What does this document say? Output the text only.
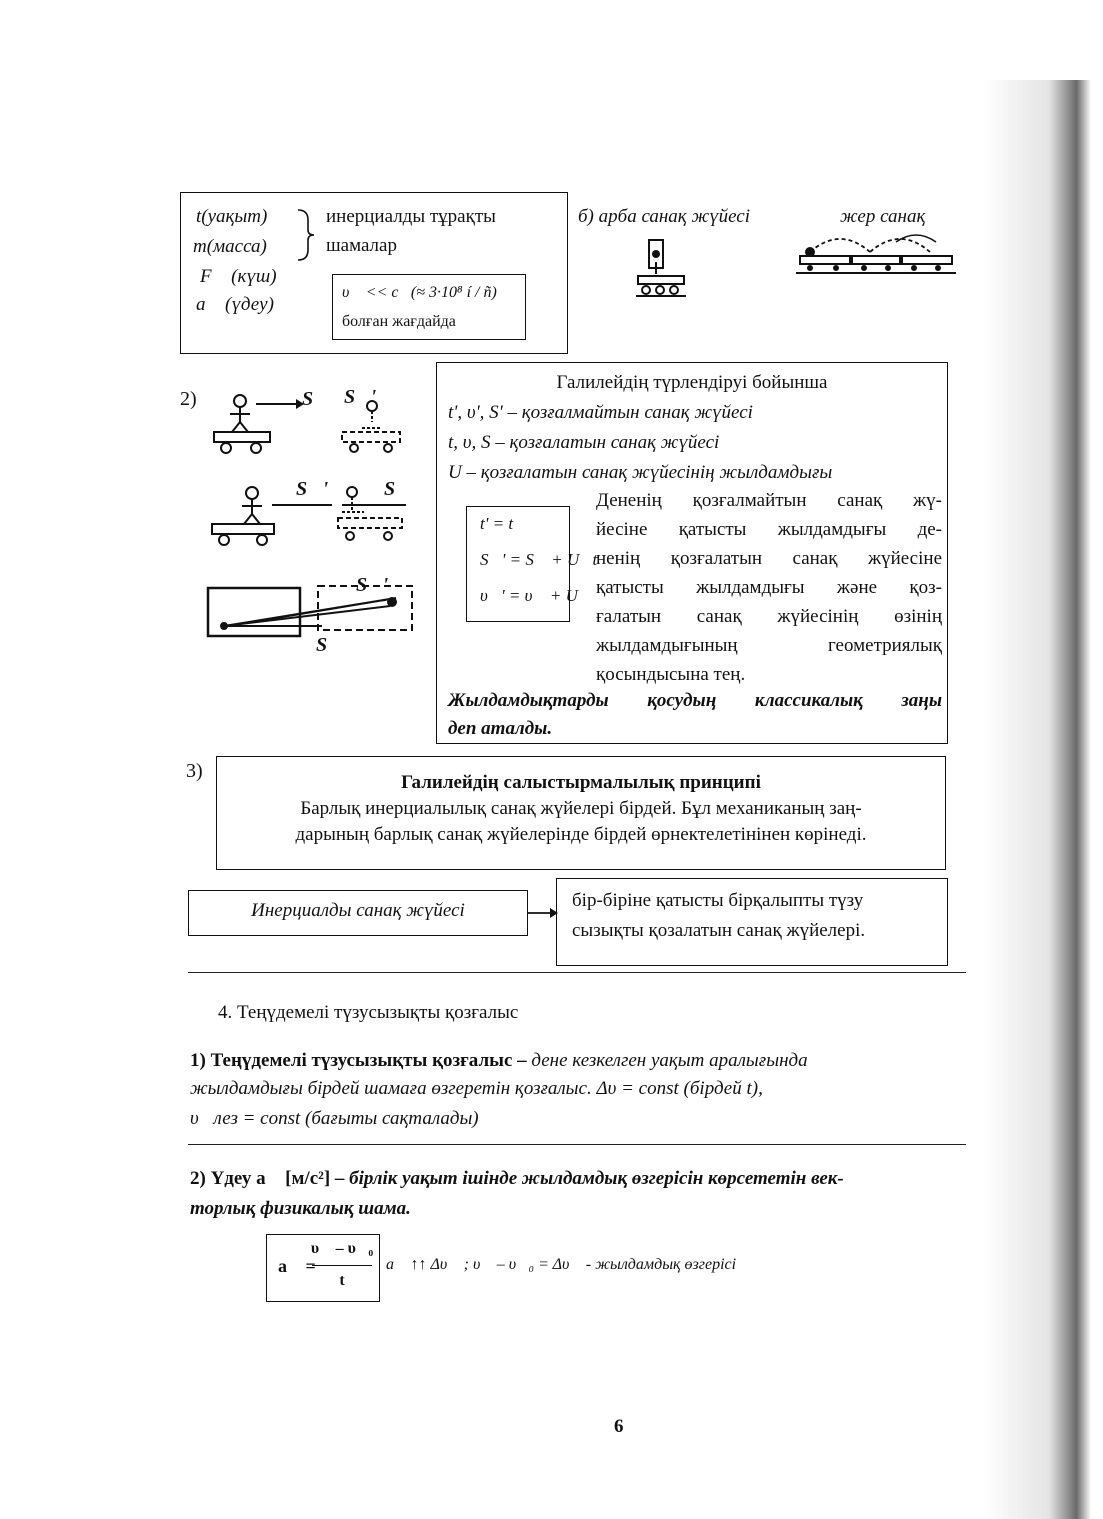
t(уақыт)
m(масса)
F⃗ (күш)
a⃗ (үдеу)
инерциалды тұрақты
шамалар
υ⃗ << c⃗(≈ 3·10⁸ í / ñ)
болған жағдайда
б) арба санақ жүйесі	жер санақ
2)	S⃗ S⃗'
S⃗'	S⃗
S⃗'
S⃗
Галилейдің түрлендіруі бойынша
t', υ', S' – қозғалмайтын санақ жүйесі
t, υ, S – қозғалатын санақ жүйесі
U – қозғалатын санақ жүйесінің жылдамдығы
t' = t
S⃗' = S⃗ + U⃗t
υ⃗' = υ⃗ + U⃗
Дененің қозғалмайтын санақ жү-
йесіне қатысты жылдамдығы де-
ненің қозғалатын санақ жүйесіне
қатысты жылдамдығы және қоз-
ғалатын санақ жүйесінің өзінің
жылдамдығының геометриялық
қосындысына тең.
Жылдамдықтарды қосудың классикалық заңы
деп аталды.
3)
Галилейдің салыстырмалылық принципі
Барлық инерциалылық санақ жүйелері бірдей. Бұл механиканың заң-
дарының барлық санақ жүйелерінде бірдей өрнектелетінінен көрінеді.
Инерциалды санақ жүйесі	бір-біріне қатысты бірқалыпты түзу
сызықты қозалатын санақ жүйелері.
4. Теңүдемелі түзусызықты қозғалыс
1) Теңүдемелі түзусызықты қозғалыс – дене кезкелген уақыт аралығында
жылдамдығы бірдей шамаға өзгеретін қозғалыс. Δυ = const (бірдей t),
υ⃗лез = const (бағыты сақталады)
2) Үдеу a⃗ [м/с²] – бірлік уақыт ішінде жылдамдық өзгерісін көрсететін век-
торлық физикалық шама.
a⃗ =
υ⃗ – υ⃗₀
t
a⃗ ↑↑ Δυ⃗ ; υ⃗ – υ⃗₀ = Δυ⃗ - жылдамдық өзгерісі
6
